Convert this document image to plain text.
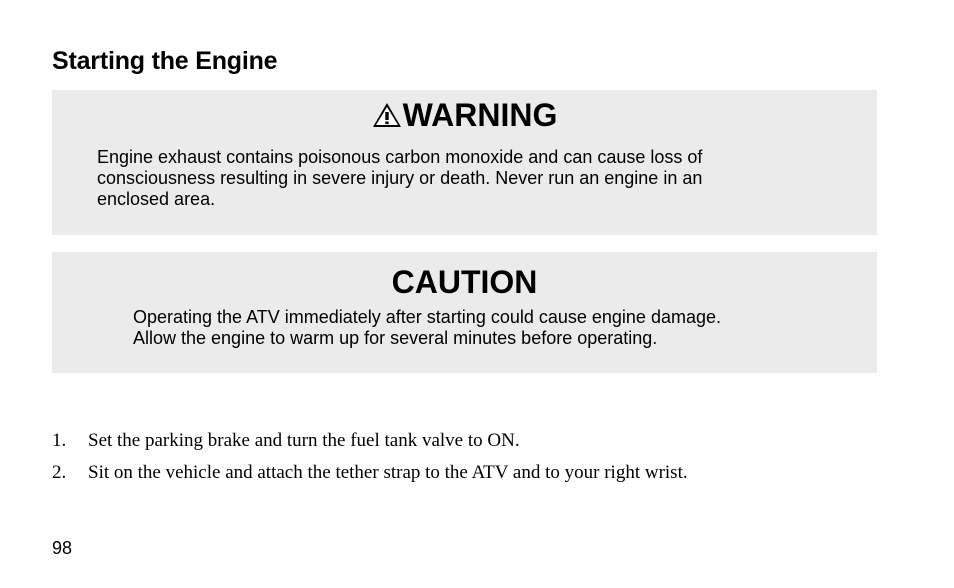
Starting the Engine
WARNING

Engine exhaust contains poisonous carbon monoxide and can cause loss of
consciousness resulting in severe injury or death. Never run an engine in an
enclosed area.

CAUTION

Operating the ATV immediately after starting could cause engine damage.
Allow the engine to warm up for several minutes before operating.

1.	Set the parking brake and turn the fuel tank valve to ON.
2.	Sit on the vehicle and attach the tether strap to the ATV and to your right wrist.

98
